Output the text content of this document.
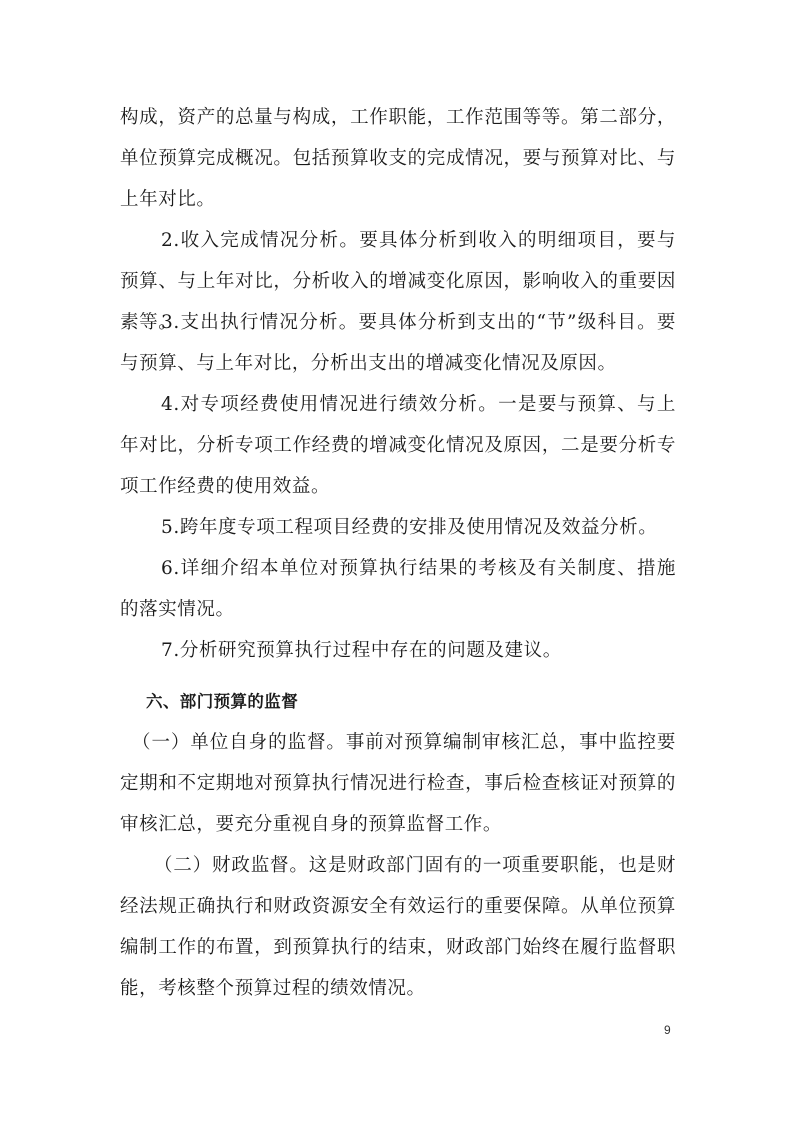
构成，资产的总量与构成，工作职能，工作范围等等。第二部分，单位预算完成概况。包括预算收支的完成情况，要与预算对比、与上年对比。

2.收入完成情况分析。要具体分析到收入的明细项目，要与预算、与上年对比，分析收入的增减变化原因，影响收入的重要因素等。

3.支出执行情况分析。要具体分析到支出的“节”级科目。要与预算、与上年对比，分析出支出的增减变化情况及原因。

4.对专项经费使用情况进行绩效分析。一是要与预算、与上年对比，分析专项工作经费的增减变化情况及原因，二是要分析专项工作经费的使用效益。

5.跨年度专项工程项目经费的安排及使用情况及效益分析。

6.详细介绍本单位对预算执行结果的考核及有关制度、措施的落实情况。

7.分析研究预算执行过程中存在的问题及建议。

六、部门预算的监督

（一）单位自身的监督。事前对预算编制审核汇总，事中监控要定期和不定期地对预算执行情况进行检查，事后检查核证对预算的审核汇总，要充分重视自身的预算监督工作。

（二）财政监督。这是财政部门固有的一项重要职能，也是财经法规正确执行和财政资源安全有效运行的重要保障。从单位预算编制工作的布置，到预算执行的结束，财政部门始终在履行监督职能，考核整个预算过程的绩效情况。

9
